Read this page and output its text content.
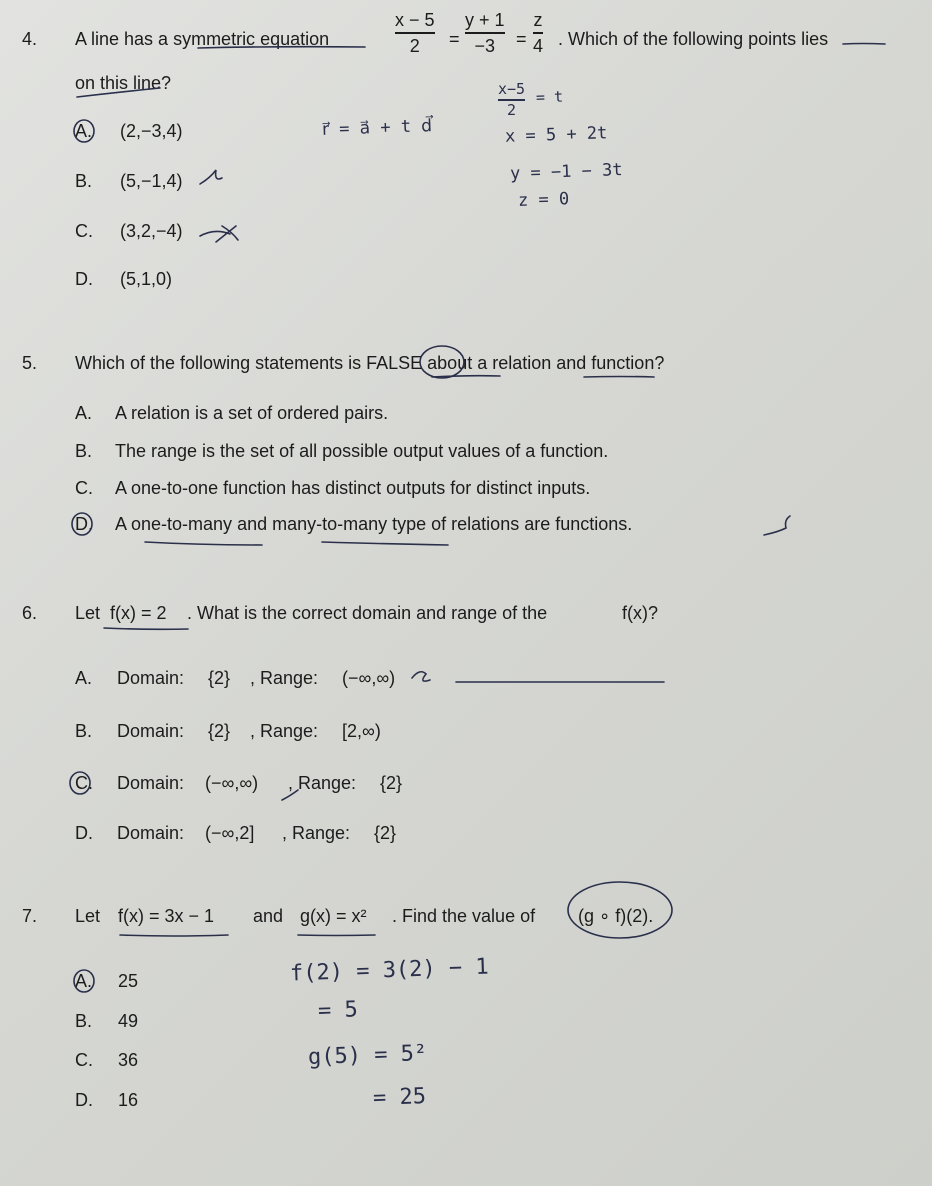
4. A line has a symmetric equation
x − 5
2 =
y + 1
−3 =
z
4 . Which of the following points lies
on this line?
A. (2,−3,4)
B. (5,−1,4)
C. (3,2,−4)
D. (5,1,0)
r⃗ = a⃗ + t d⃗
x−5
2
= t
x = 5 + 2t
y = −1 − 3t
z = 0
5. Which of the following statements is FALSE about a relation and function?
A. A relation is a set of ordered pairs.
B. The range is the set of all possible output values of a function.
C. A one-to-one function has distinct outputs for distinct inputs.
D. A one-to-many and many-to-many type of relations are functions.
6. Let f(x) = 2 . What is the correct domain and range of the	f(x)?
A. Domain: {2} , Range: (−∞,∞)
B. Domain: {2} , Range: [2,∞)
C. Domain: (−∞,∞) , Range: {2}
D. Domain: (−∞,2] , Range: {2}
7. Let f(x) = 3x − 1 and g(x) = x² . Find the value of (g ∘ f)(2).
A. 25
B. 49
C. 36
D. 16
f(2) = 3(2) − 1
= 5
g(5) = 5²
= 25
